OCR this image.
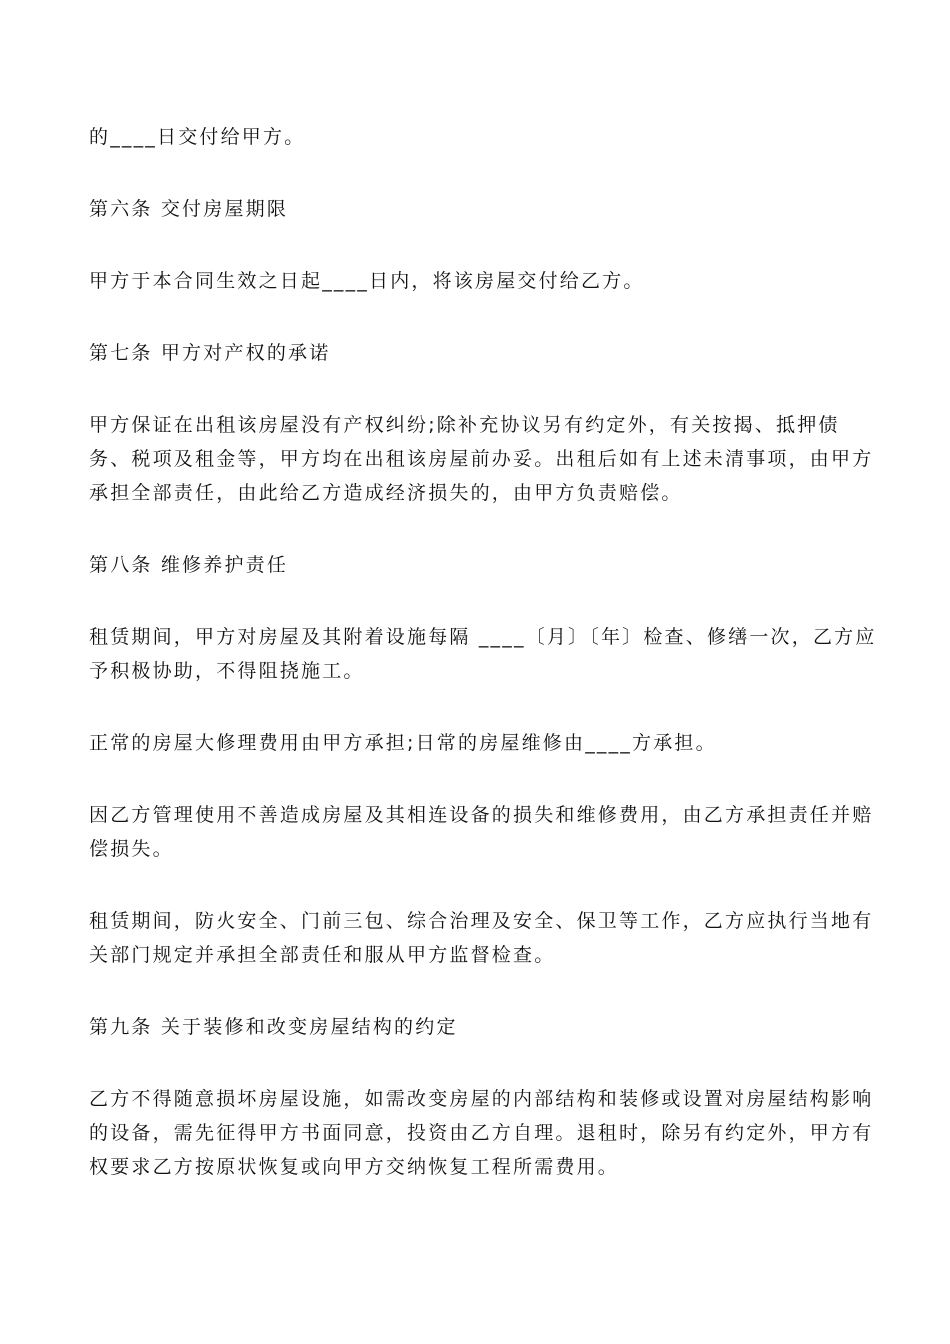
的____日交付给甲方。

第六条 交付房屋期限

甲方于本合同生效之日起____日内，将该房屋交付给乙方。

第七条 甲方对产权的承诺

甲方保证在出租该房屋没有产权纠纷;除补充协议另有约定外，有关按揭、抵押债务、税项及租金等，甲方均在出租该房屋前办妥。出租后如有上述未清事项，由甲方承担全部责任，由此给乙方造成经济损失的，由甲方负责赔偿。

第八条 维修养护责任

租赁期间，甲方对房屋及其附着设施每隔 ____〔月〕〔年〕检查、修缮一次，乙方应予积极协助，不得阻挠施工。

正常的房屋大修理费用由甲方承担;日常的房屋维修由____方承担。

因乙方管理使用不善造成房屋及其相连设备的损失和维修费用，由乙方承担责任并赔偿损失。

租赁期间，防火安全、门前三包、综合治理及安全、保卫等工作，乙方应执行当地有关部门规定并承担全部责任和服从甲方监督检查。

第九条 关于装修和改变房屋结构的约定

乙方不得随意损坏房屋设施，如需改变房屋的内部结构和装修或设置对房屋结构影响的设备，需先征得甲方书面同意，投资由乙方自理。退租时，除另有约定外，甲方有权要求乙方按原状恢复或向甲方交纳恢复工程所需费用。
